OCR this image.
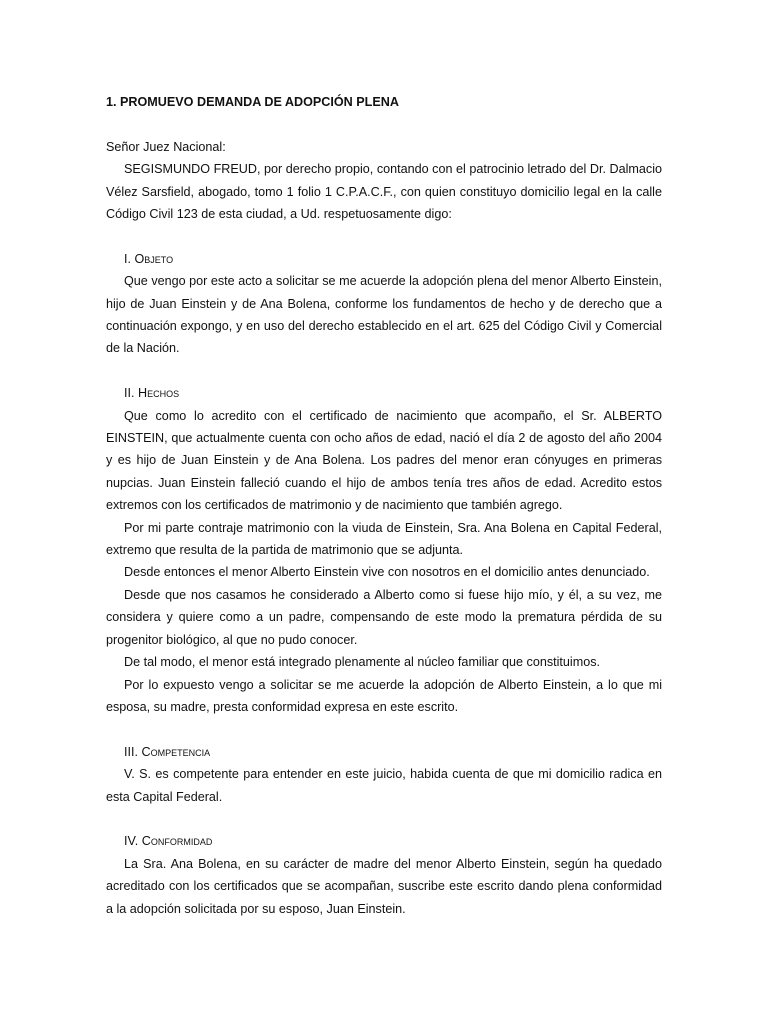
1. PROMUEVO DEMANDA DE ADOPCIÓN PLENA

Señor Juez Nacional:

SEGISMUNDO FREUD, por derecho propio, contando con el patrocinio letrado del Dr. Dalmacio Vélez Sarsfield, abogado, tomo 1 folio 1 C.P.A.C.F., con quien constituyo domicilio legal en la calle Código Civil 123 de esta ciudad, a Ud. respetuosamente digo:

I. Objeto

Que vengo por este acto a solicitar se me acuerde la adopción plena del menor Alberto Einstein, hijo de Juan Einstein y de Ana Bolena, conforme los fundamentos de hecho y de derecho que a continuación expongo, y en uso del derecho establecido en el art. 625 del Código Civil y Comercial de la Nación.

II. Hechos

Que como lo acredito con el certificado de nacimiento que acompaño, el Sr. ALBERTO EINSTEIN, que actualmente cuenta con ocho años de edad, nació el día 2 de agosto del año 2004 y es hijo de Juan Einstein y de Ana Bolena. Los padres del menor eran cónyuges en primeras nupcias. Juan Einstein falleció cuando el hijo de ambos tenía tres años de edad. Acredito estos extremos con los certificados de matrimonio y de nacimiento que también agrego.

Por mi parte contraje matrimonio con la viuda de Einstein, Sra. Ana Bolena en Capital Federal, extremo que resulta de la partida de matrimonio que se adjunta.

Desde entonces el menor Alberto Einstein vive con nosotros en el domicilio antes denunciado.

Desde que nos casamos he considerado a Alberto como si fuese hijo mío, y él, a su vez, me considera y quiere como a un padre, compensando de este modo la prematura pérdida de su progenitor biológico, al que no pudo conocer.

De tal modo, el menor está integrado plenamente al núcleo familiar que constituimos.

Por lo expuesto vengo a solicitar se me acuerde la adopción de Alberto Einstein, a lo que mi esposa, su madre, presta conformidad expresa en este escrito.

III. Competencia

V. S. es competente para entender en este juicio, habida cuenta de que mi domicilio radica en esta Capital Federal.

IV. Conformidad

La Sra. Ana Bolena, en su carácter de madre del menor Alberto Einstein, según ha quedado acreditado con los certificados que se acompañan, suscribe este escrito dando plena conformidad a la adopción solicitada por su esposo, Juan Einstein.
